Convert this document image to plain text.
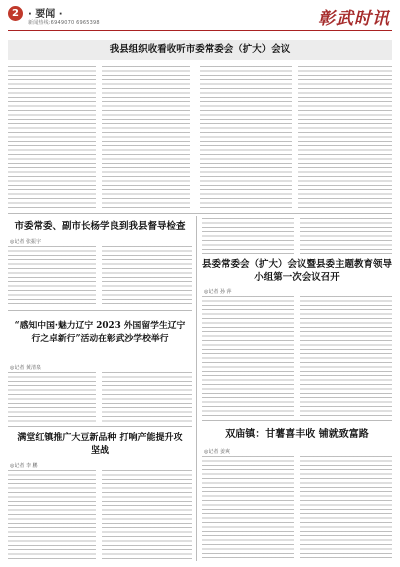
2 · 要闻 ·
新闻热线:6949070 6965398	彰武时讯
我县组织收看收听市委常委会（扩大）会议
市委常委、副市长杨学良到我县督导检查
◎记者 张振宇
“感知中国·魅力辽宁 2023 外国留学生辽宁行之卓新行”活动在彰武沙学校举行
◎记者 黄清泉
满堂红镇推广大豆新品种 打响产能提升攻坚战
◎记者 李 鹏
县委常委会（扩大）会议暨县委主题教育领导小组第一次会议召开
◎记者 孙 萍
双庙镇：甘薯喜丰收 铺就致富路
◎记者 姜爽
